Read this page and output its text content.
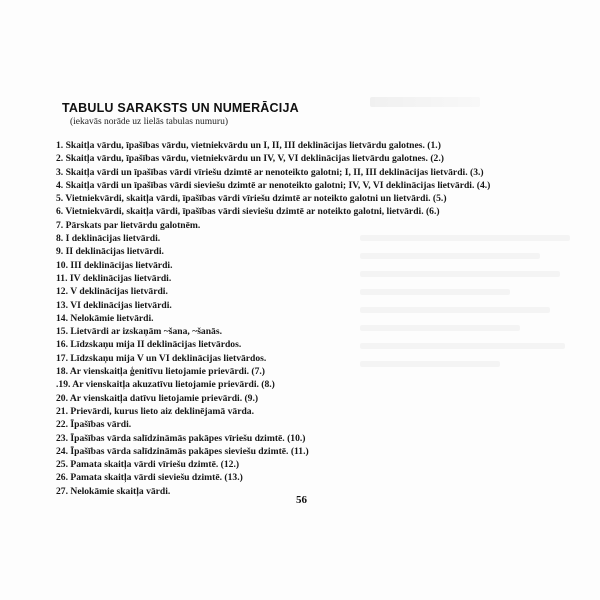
TABULU SARAKSTS UN NUMERĀCIJA

(iekavās norāde uz lielās tabulas numuru)

1. Skaitļa vārdu, īpašības vārdu, vietniekvārdu un I, II, III deklinācijas lietvārdu galotnes. (1.)
2. Skaitļa vārdu, īpašības vārdu, vietniekvārdu un IV, V, VI deklinācijas lietvārdu galotnes. (2.)
3. Skaitļa vārdi un īpašības vārdi vīriešu dzimtē ar nenoteikto galotni; I, II, III deklinācijas lietvārdi. (3.)
4. Skaitļa vārdi un īpašības vārdi sieviešu dzimtē ar nenoteikto galotni; IV, V, VI deklinācijas lietvārdi. (4.)
5. Vietniekvārdi, skaitļa vārdi, īpašības vārdi vīriešu dzimtē ar noteikto galotni un lietvārdi. (5.)
6. Vietniekvārdi, skaitļa vārdi, īpašības vārdi sieviešu dzimtē ar noteikto galotni, lietvārdi. (6.)
7. Pārskats par lietvārdu galotnēm.
8. I deklinācijas lietvārdi.
9. II deklinācijas lietvārdi.
10. III deklinācijas lietvārdi.
11. IV deklinācijas lietvārdi.
12. V deklinācijas lietvārdi.
13. VI deklinācijas lietvārdi.
14. Nelokāmie lietvārdi.
15. Lietvārdi ar izskaņām ~šana, ~šanās.
16. Līdzskaņu mija II deklinācijas lietvārdos.
17. Līdzskaņu mija V un VI deklinācijas lietvārdos.
18. Ar vienskaitļa ģenitīvu lietojamie prievārdi. (7.)
.19. Ar vienskaitļa akuzatīvu lietojamie prievārdi. (8.)
20. Ar vienskaitļa datīvu lietojamie prievārdi. (9.)
21. Prievārdi, kurus lieto aiz deklinējamā vārda.
22. Īpašības vārdi.
23. Īpašības vārda salīdzināmās pakāpes vīriešu dzimtē. (10.)
24. Īpašības vārda salīdzināmās pakāpes sieviešu dzimtē. (11.)
25. Pamata skaitļa vārdi vīriešu dzimtē. (12.)
26. Pamata skaitļa vārdi sieviešu dzimtē. (13.)
27. Nelokāmie skaitļa vārdi.
56
